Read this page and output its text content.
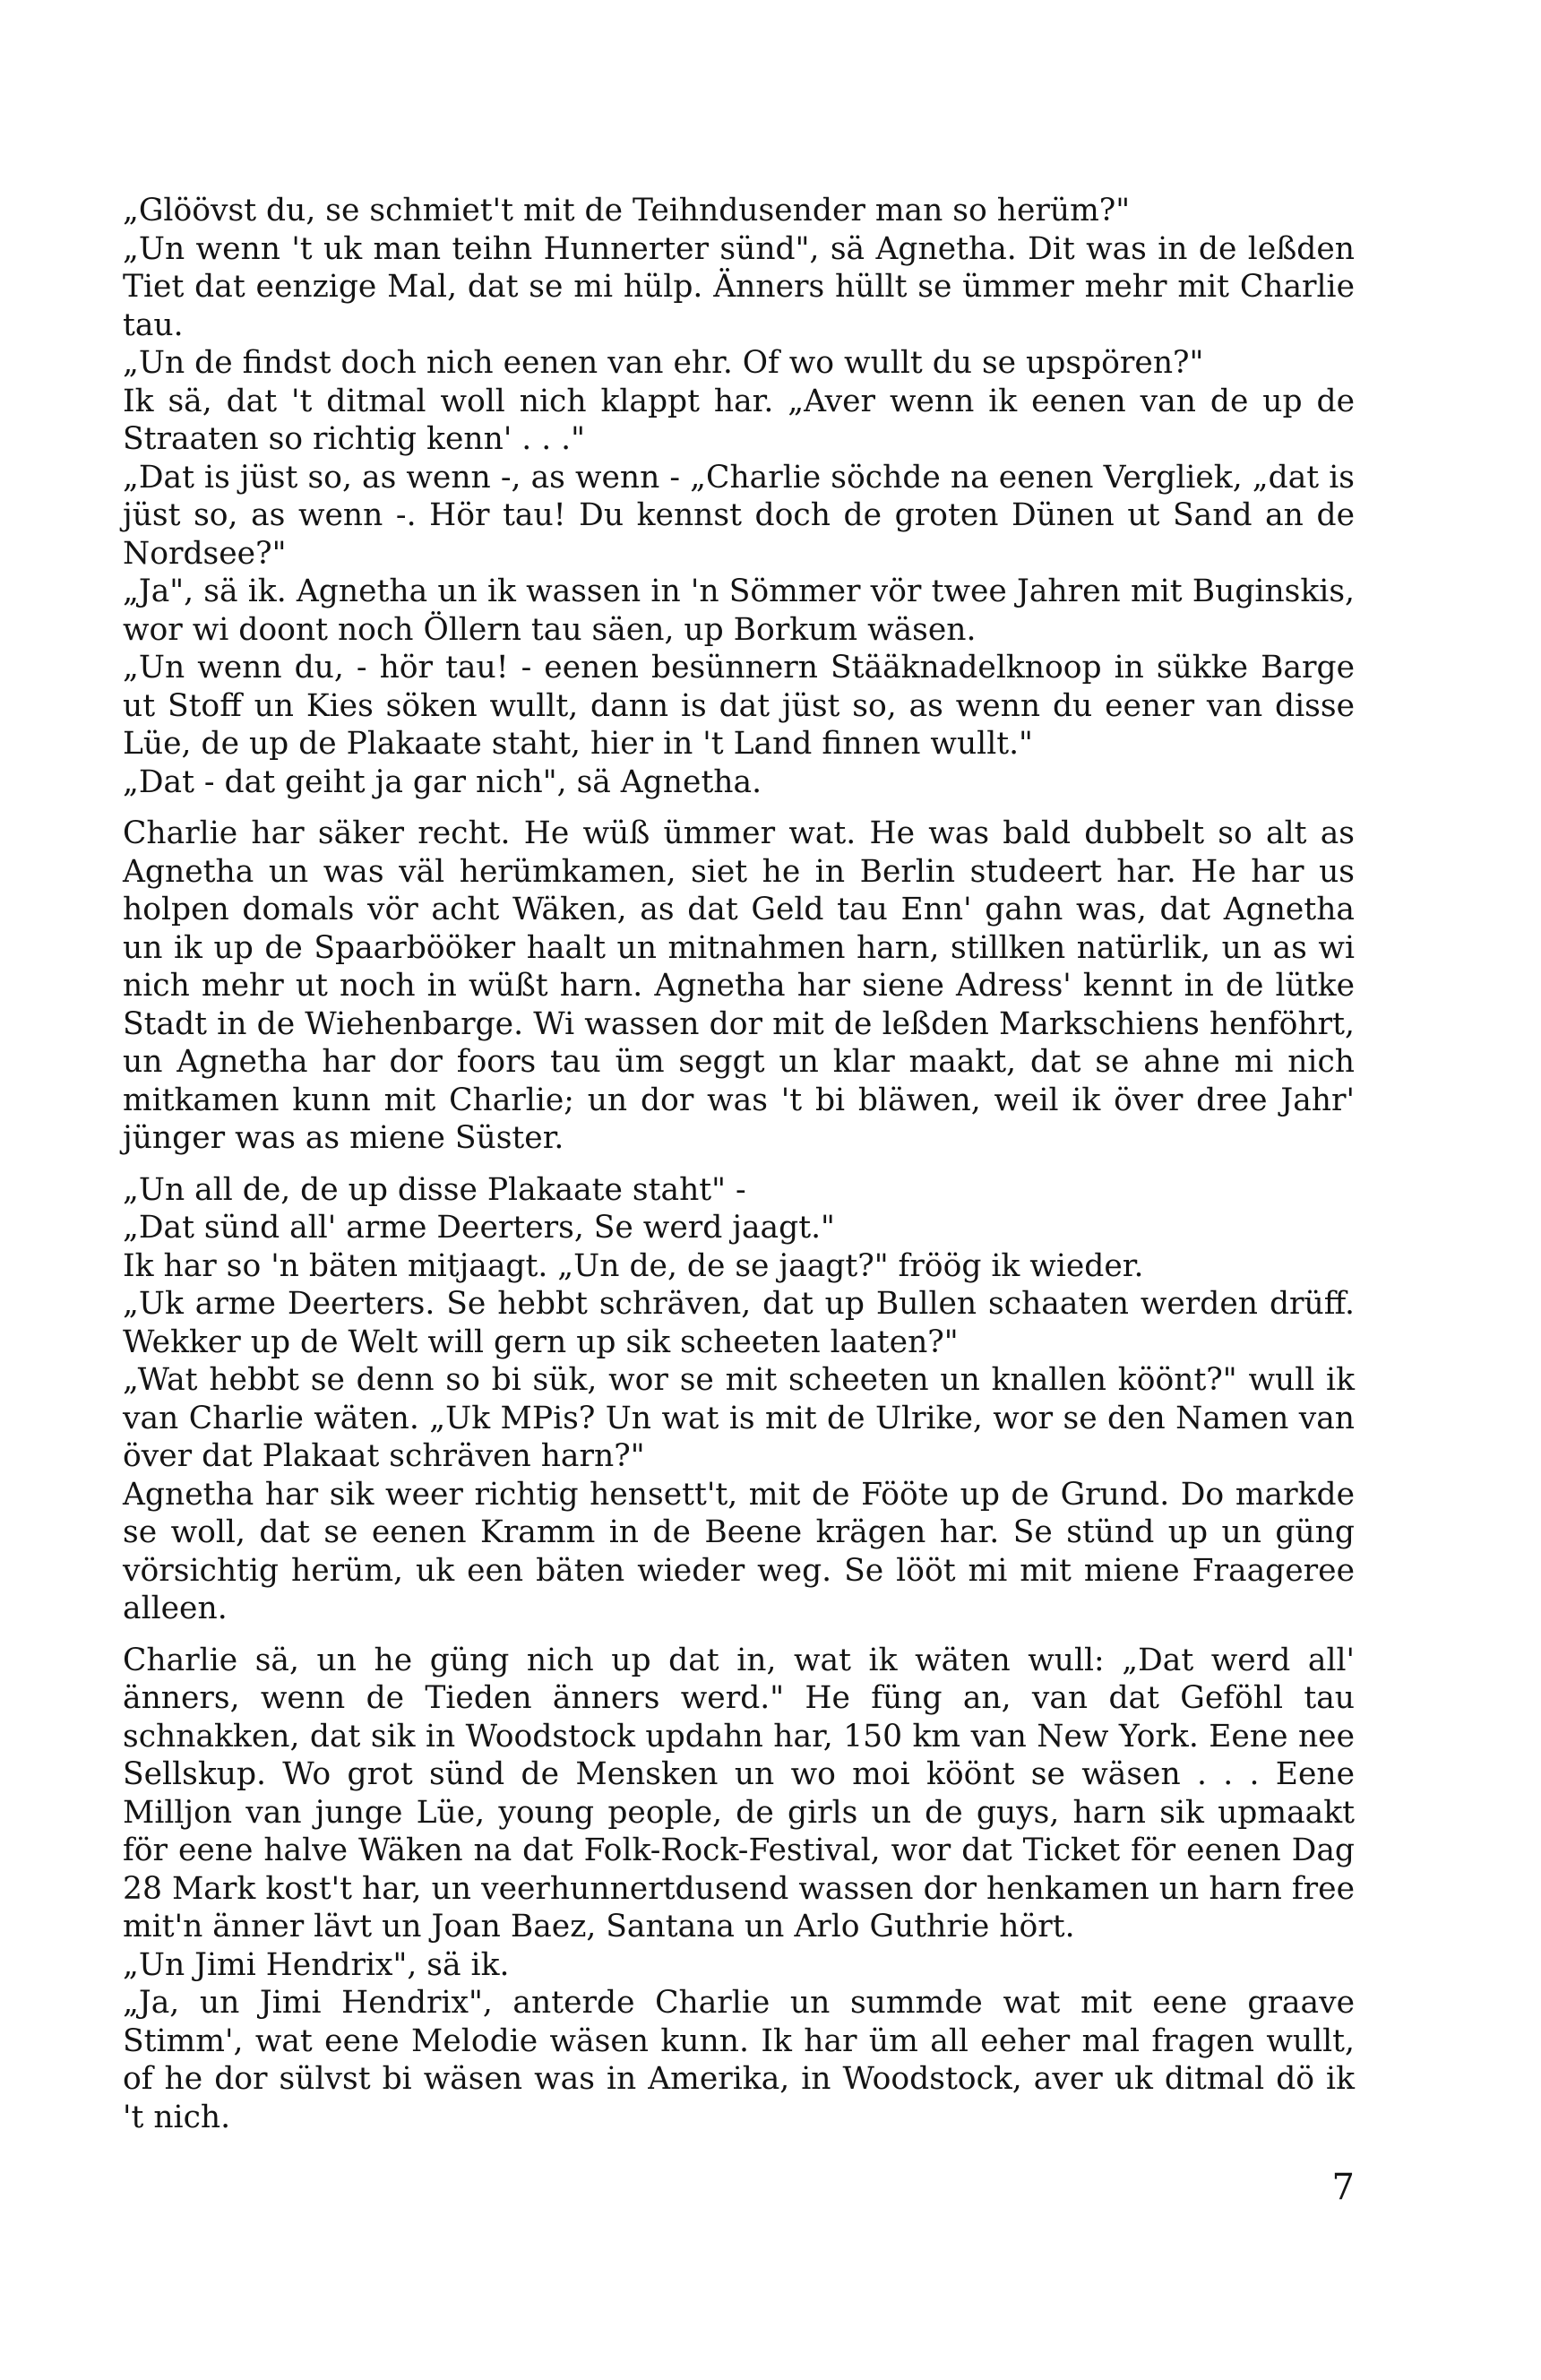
„Glöövst du, se schmiet't mit de Teihndusender man so herüm?"

„Un wenn 't uk man teihn Hunnerter sünd", sä Agnetha. Dit was in de leßden Tiet dat eenzige Mal, dat se mi hülp. Änners hüllt se ümmer mehr mit Charlie tau.

„Un de findst doch nich eenen van ehr. Of wo wullt du se upspören?"

Ik sä, dat 't ditmal woll nich klappt har. „Aver wenn ik eenen van de up de Straaten so richtig kenn' . . ."

„Dat is jüst so, as wenn -, as wenn - „Charlie söchde na eenen Vergliek, „dat is jüst so, as wenn -. Hör tau! Du kennst doch de groten Dünen ut Sand an de Nordsee?"

„Ja", sä ik. Agnetha un ik wassen in 'n Sömmer vör twee Jahren mit Buginskis, wor wi doont noch Öllern tau säen, up Borkum wäsen.

„Un wenn du, - hör tau! - eenen besünnern Stääknadelknoop in sükke Barge ut Stoff un Kies söken wullt, dann is dat jüst so, as wenn du eener van disse Lüe, de up de Plakaate staht, hier in 't Land finnen wullt."

„Dat - dat geiht ja gar nich", sä Agnetha.

Charlie har säker recht. He wüß ümmer wat. He was bald dubbelt so alt as Agnetha un was väl herümkamen, siet he in Berlin studeert har. He har us holpen domals vör acht Wäken, as dat Geld tau Enn' gahn was, dat Agnetha un ik up de Spaarbööker haalt un mitnahmen harn, stillken natürlik, un as wi nich mehr ut noch in wüßt harn. Agnetha har siene Adress' kennt in de lütke Stadt in de Wiehenbarge. Wi wassen dor mit de leßden Markschiens henföhrt, un Agnetha har dor foors tau üm seggt un klar maakt, dat se ahne mi nich mitkamen kunn mit Charlie; un dor was 't bi bläwen, weil ik över dree Jahr' jünger was as miene Süster.

„Un all de, de up disse Plakaate staht" -

„Dat sünd all' arme Deerters, Se werd jaagt."

Ik har so 'n bäten mitjaagt. „Un de, de se jaagt?" fröög ik wieder.

„Uk arme Deerters. Se hebbt schräven, dat up Bullen schaaten werden drüff. Wekker up de Welt will gern up sik scheeten laaten?"

„Wat hebbt se denn so bi sük, wor se mit scheeten un knallen köönt?" wull ik van Charlie wäten. „Uk MPis? Un wat is mit de Ulrike, wor se den Namen van över dat Plakaat schräven harn?"

Agnetha har sik weer richtig hensett't, mit de Fööte up de Grund. Do markde se woll, dat se eenen Kramm in de Beene krägen har. Se stünd up un güng vörsichtig herüm, uk een bäten wieder weg. Se lööt mi mit miene Fraageree alleen.

Charlie sä, un he güng nich up dat in, wat ik wäten wull: „Dat werd all' änners, wenn de Tieden änners werd." He füng an, van dat Geföhl tau schnakken, dat sik in Woodstock updahn har, 150 km van New York. Eene nee Sellskup. Wo grot sünd de Mensken un wo moi köönt se wäsen . . . Eene Milljon van junge Lüe, young people, de girls un de guys, harn sik upmaakt för eene halve Wäken na dat Folk-Rock-Festival, wor dat Ticket för eenen Dag 28 Mark kost't har, un veerhunnertdusend wassen dor henkamen un harn free mit'n änner lävt un Joan Baez, Santana un Arlo Guthrie hört.

„Un Jimi Hendrix", sä ik.

„Ja, un Jimi Hendrix", anterde Charlie un summde wat mit eene graave Stimm', wat eene Melodie wäsen kunn. Ik har üm all eeher mal fragen wullt, of he dor sülvst bi wäsen was in Amerika, in Woodstock, aver uk ditmal dö ik 't nich.

7
